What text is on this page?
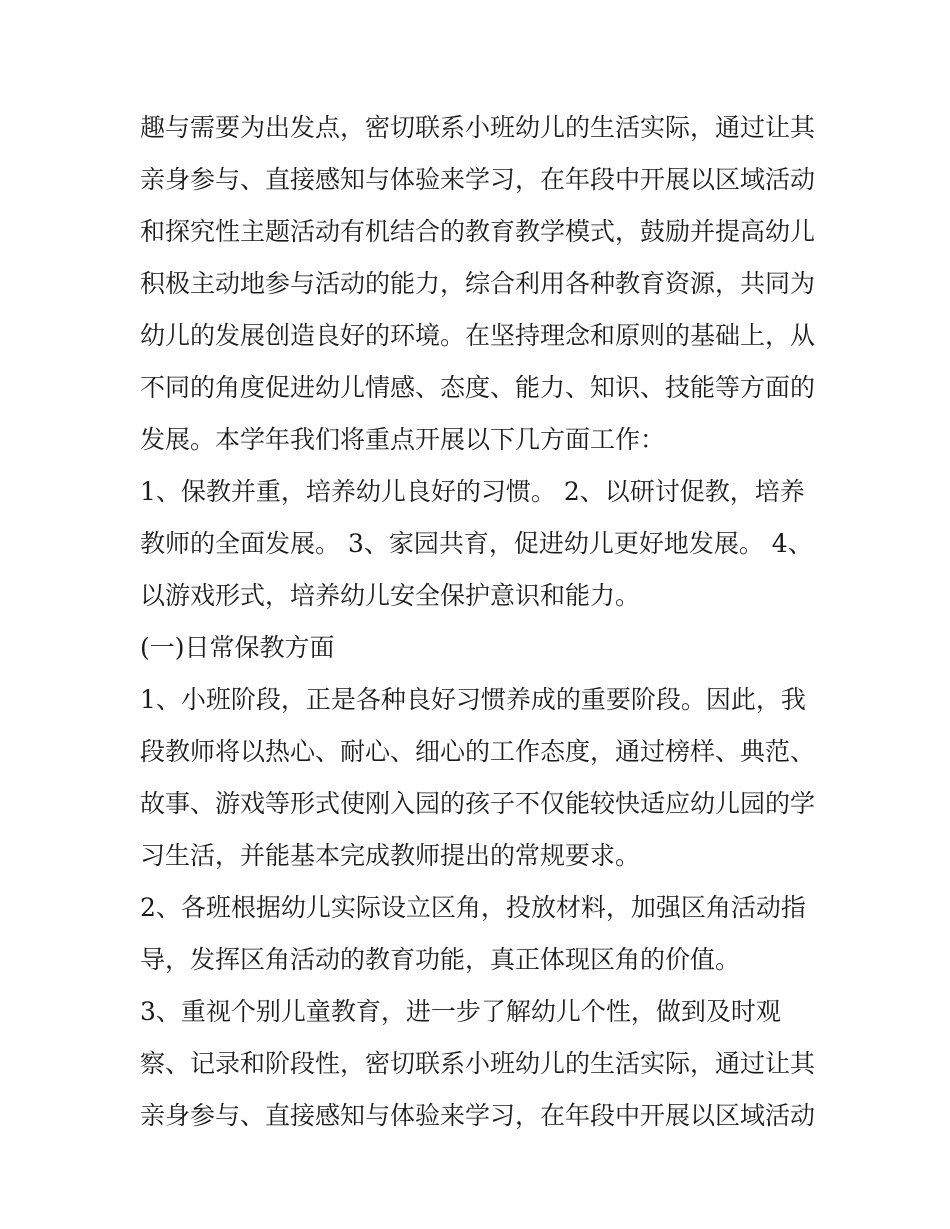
趣与需要为出发点，密切联系小班幼儿的生活实际，通过让其
亲身参与、直接感知与体验来学习，在年段中开展以区域活动
和探究性主题活动有机结合的教育教学模式，鼓励并提高幼儿
积极主动地参与活动的能力，综合利用各种教育资源，共同为
幼儿的发展创造良好的环境。在坚持理念和原则的基础上，从
不同的角度促进幼儿情感、态度、能力、知识、技能等方面的
发展。本学年我们将重点开展以下几方面工作：
1、保教并重，培养幼儿良好的习惯。 2、以研讨促教，培养
教师的全面发展。 3、家园共育，促进幼儿更好地发展。 4、
以游戏形式，培养幼儿安全保护意识和能力。
(一)日常保教方面
1、小班阶段，正是各种良好习惯养成的重要阶段。因此，我
段教师将以热心、耐心、细心的工作态度，通过榜样、典范、
故事、游戏等形式使刚入园的孩子不仅能较快适应幼儿园的学
习生活，并能基本完成教师提出的常规要求。
2、各班根据幼儿实际设立区角，投放材料，加强区角活动指
导，发挥区角活动的教育功能，真正体现区角的价值。
3、重视个别儿童教育，进一步了解幼儿个性，做到及时观
察、记录和阶段性，密切联系小班幼儿的生活实际，通过让其
亲身参与、直接感知与体验来学习，在年段中开展以区域活动
